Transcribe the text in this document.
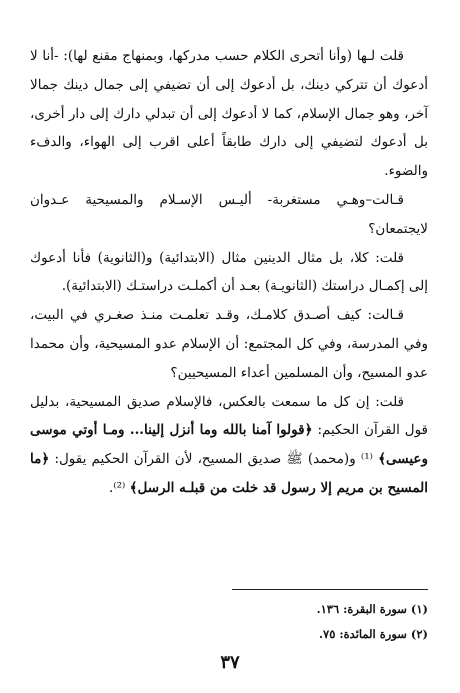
قلت لـها (وأنا أتحرى الكلام حسب مدركها، وبمنهاج مقنع لها): -أنا لا أدعوك أن تتركي دينك، بل أدعوك إلى أن تضيفي إلى جمال دينك جمالا آخر، وهو جمال الإسلام، كما لا أدعوك إلى أن تبدلي دارك إلى دار أخرى، بل أدعوك لتضيفي إلى دارك طابقاً أعلى اقرب إلى الهواء، والدفء والضوء.

قـالت–وهـي مستغربة- أليـس الإسـلام والمسيحية عـدوان لايجتمعان؟

قلت: كلا، بل مثال الدينين مثال (الابتدائية) و(الثانوية) فأنا أدعوك إلى إكمـال دراستك (الثانويـة) بعـد أن أكملـت دراستـك (الابتدائية).

قـالت: كيف أصـدق كلامـك، وقـد تعلمـت منـذ صغـري في البيت، وفي المدرسة، وفي كل المجتمع: أن الإسلام عدو المسيحية، وأن محمدا عدو المسيح، وأن المسلمين أعداء المسيحيين؟

قلت: إن كل ما سمعت بالعكس، فالإسلام صديق المسيحية، بدليل قول القرآن الحكيم: ﴿قولوا آمنا بالله وما أنزل إلينا... ومـا أوتي موسى وعيسى﴾ ⁽¹⁾ و(محمد) ﷺ صديق المسيح، لأن القرآن الحكيم يقول: ﴿ما المسيح بن مريم إلا رسول قد خلت من قبلـه الرسل﴾ ⁽²⁾.

(١) سورة البقرة: ١٣٦.
(٢) سورة المائدة: ٧٥.
٣٧
